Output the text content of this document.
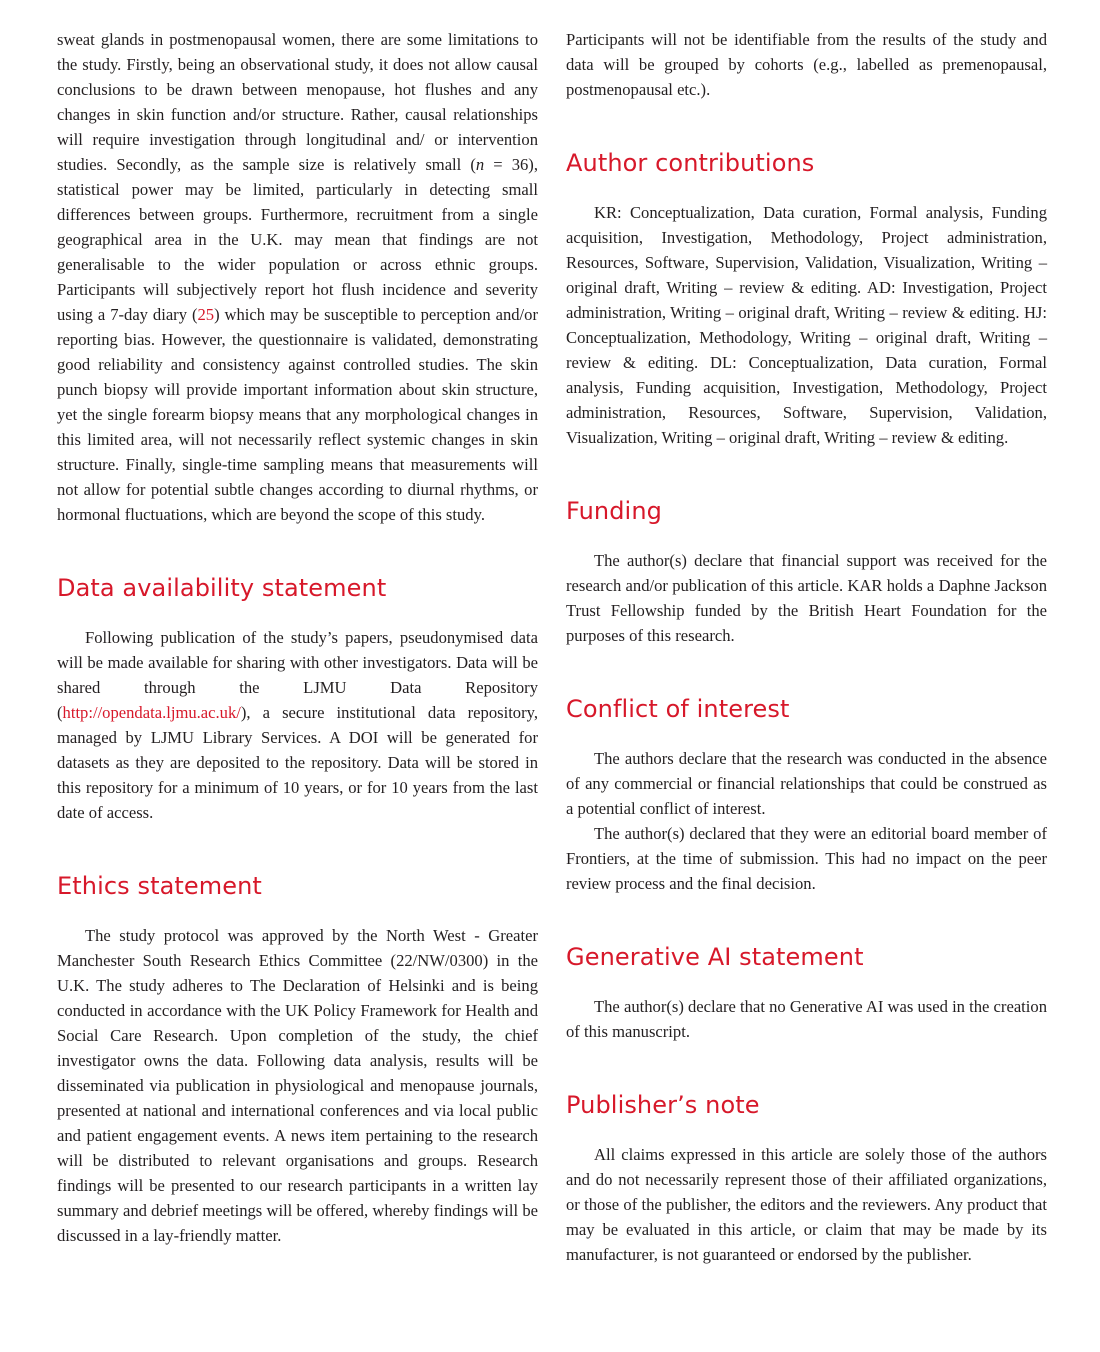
sweat glands in postmenopausal women, there are some limitations to the study. Firstly, being an observational study, it does not allow causal conclusions to be drawn between menopause, hot flushes and any changes in skin function and/or structure. Rather, causal relationships will require investigation through longitudinal and/ or intervention studies. Secondly, as the sample size is relatively small (n = 36), statistical power may be limited, particularly in detecting small differences between groups. Furthermore, recruitment from a single geographical area in the U.K. may mean that findings are not generalisable to the wider population or across ethnic groups. Participants will subjectively report hot flush incidence and severity using a 7-day diary (25) which may be susceptible to perception and/or reporting bias. However, the questionnaire is validated, demonstrating good reliability and consistency against controlled studies. The skin punch biopsy will provide important information about skin structure, yet the single forearm biopsy means that any morphological changes in this limited area, will not necessarily reflect systemic changes in skin structure. Finally, single-time sampling means that measurements will not allow for potential subtle changes according to diurnal rhythms, or hormonal fluctuations, which are beyond the scope of this study.

Data availability statement

Following publication of the study’s papers, pseudonymised data will be made available for sharing with other investigators. Data will be shared through the LJMU Data Repository (http://opendata.ljmu.ac.uk/), a secure institutional data repository, managed by LJMU Library Services. A DOI will be generated for datasets as they are deposited to the repository. Data will be stored in this repository for a minimum of 10 years, or for 10 years from the last date of access.

Ethics statement

The study protocol was approved by the North West - Greater Manchester South Research Ethics Committee (22/NW/0300) in the U.K. The study adheres to The Declaration of Helsinki and is being conducted in accordance with the UK Policy Framework for Health and Social Care Research. Upon completion of the study, the chief investigator owns the data. Following data analysis, results will be disseminated via publication in physiological and menopause journals, presented at national and international conferences and via local public and patient engagement events. A news item pertaining to the research will be distributed to relevant organisations and groups. Research findings will be presented to our research participants in a written lay summary and debrief meetings will be offered, whereby findings will be discussed in a lay-friendly matter.

Participants will not be identifiable from the results of the study and data will be grouped by cohorts (e.g., labelled as premenopausal, postmenopausal etc.).

Author contributions

KR: Conceptualization, Data curation, Formal analysis, Funding acquisition, Investigation, Methodology, Project administration, Resources, Software, Supervision, Validation, Visualization, Writing – original draft, Writing – review & editing. AD: Investigation, Project administration, Writing – original draft, Writing – review & editing. HJ: Conceptualization, Methodology, Writing – original draft, Writing – review & editing. DL: Conceptualization, Data curation, Formal analysis, Funding acquisition, Investigation, Methodology, Project administration, Resources, Software, Supervision, Validation, Visualization, Writing – original draft, Writing – review & editing.

Funding

The author(s) declare that financial support was received for the research and/or publication of this article. KAR holds a Daphne Jackson Trust Fellowship funded by the British Heart Foundation for the purposes of this research.

Conflict of interest

The authors declare that the research was conducted in the absence of any commercial or financial relationships that could be construed as a potential conflict of interest.

The author(s) declared that they were an editorial board member of Frontiers, at the time of submission. This had no impact on the peer review process and the final decision.

Generative AI statement

The author(s) declare that no Generative AI was used in the creation of this manuscript.

Publisher’s note

All claims expressed in this article are solely those of the authors and do not necessarily represent those of their affiliated organizations, or those of the publisher, the editors and the reviewers. Any product that may be evaluated in this article, or claim that may be made by its manufacturer, is not guaranteed or endorsed by the publisher.
